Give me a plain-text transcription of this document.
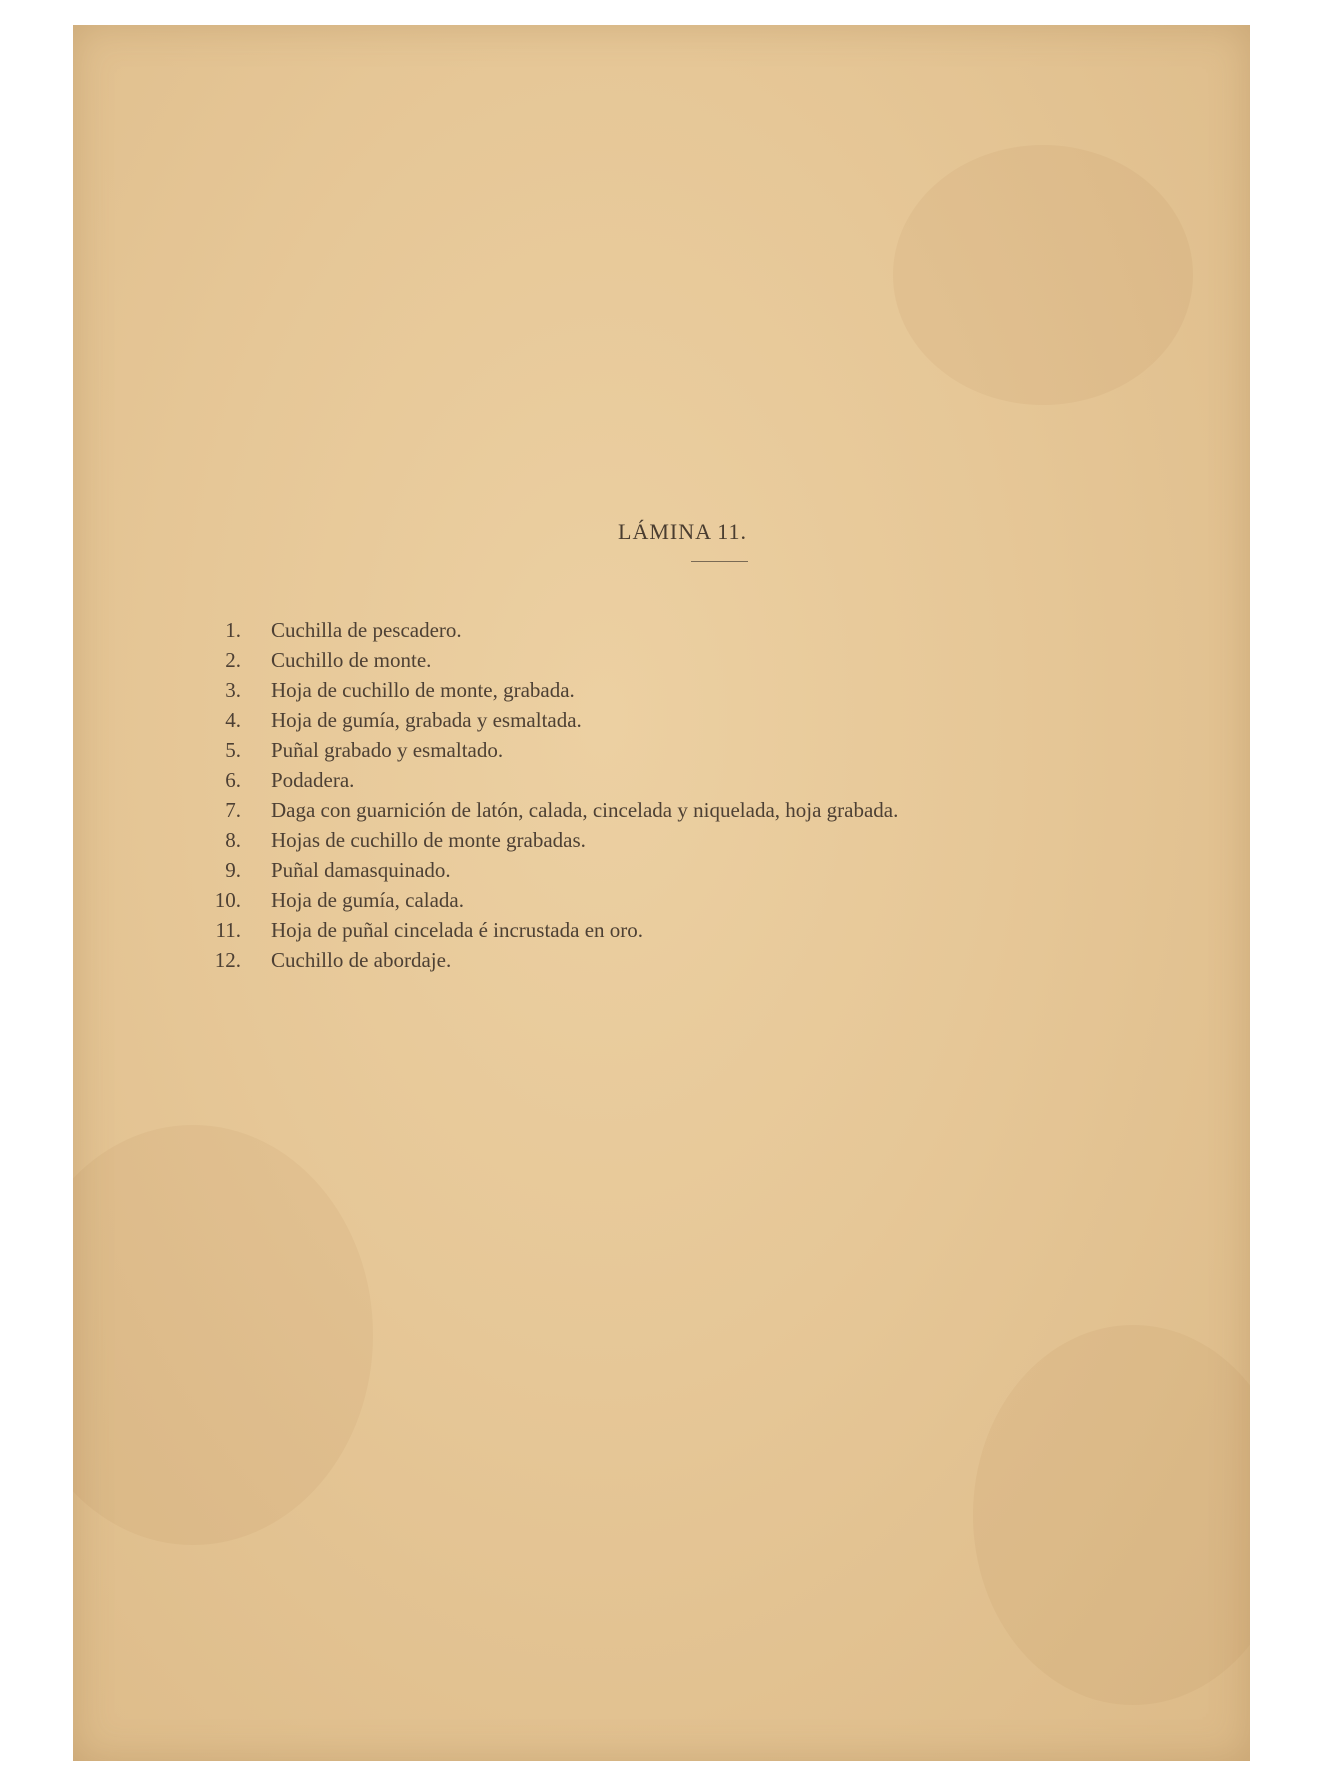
LÁMINA 11.
1.	Cuchilla de pescadero.
2.	Cuchillo de monte.
3.	Hoja de cuchillo de monte, grabada.
4.	Hoja de gumía, grabada y esmaltada.
5.	Puñal grabado y esmaltado.
6.	Podadera.
7.	Daga con guarnición de latón, calada, cincelada y niquelada, hoja grabada.
8.	Hojas de cuchillo de monte grabadas.
9.	Puñal damasquinado.
10.	Hoja de gumía, calada.
11.	Hoja de puñal cincelada é incrustada en oro.
12.	Cuchillo de abordaje.
